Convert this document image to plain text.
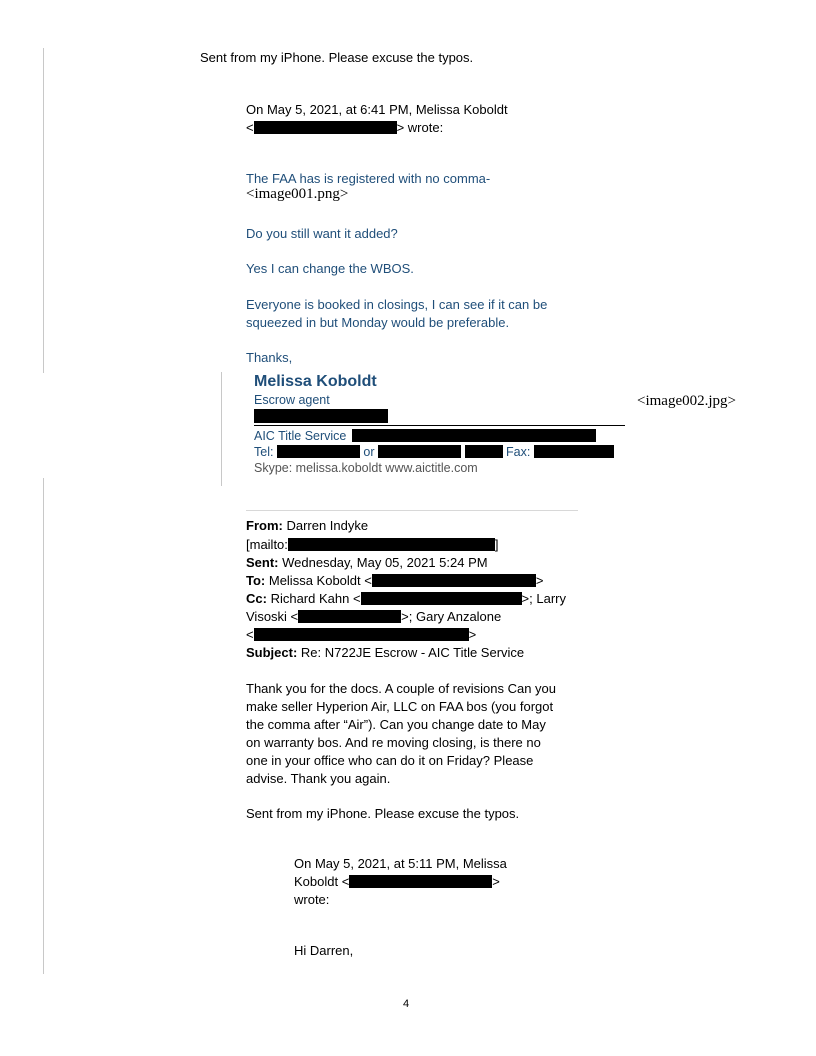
Sent from my iPhone. Please excuse the typos.
On May 5, 2021, at 6:41 PM, Melissa Koboldt
<	> wrote:
The FAA has is registered with no comma-
<image001.png>
Do you still want it added?
Yes I can change the WBOS.
Everyone is booked in closings, I can see if it can be
squeezed in but Monday would be preferable.
Thanks,
Melissa Koboldt
Escrow agent
AIC Title Service
Tel:	or	Fax:
Skype: melissa.koboldt www.aictitle.com
<image002.jpg>
From: Darren Indyke
[mailto:	]
Sent: Wednesday, May 05, 2021 5:24 PM
To: Melissa Koboldt <	>
Cc: Richard Kahn <	>; Larry
Visoski <	>; Gary Anzalone
<	>
Subject: Re: N722JE Escrow - AIC Title Service
Thank you for the docs. A couple of revisions Can you
make seller Hyperion Air, LLC on FAA bos (you forgot
the comma after “Air”). Can you change date to May
on warranty bos. And re moving closing, is there no
one in your office who can do it on Friday? Please
advise. Thank you again.
Sent from my iPhone. Please excuse the typos.
On May 5, 2021, at 5:11 PM, Melissa
Koboldt <	>
wrote:
Hi Darren,
4
